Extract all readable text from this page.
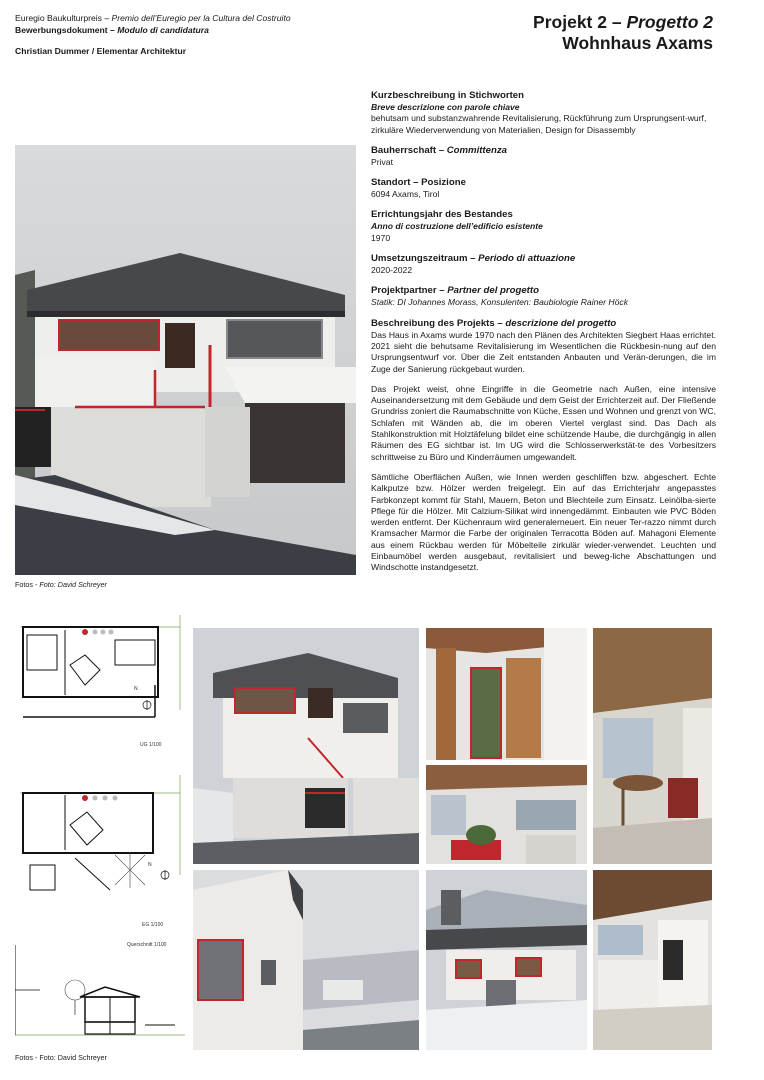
Euregio Baukulturpreis – Premio dell’Euregio per la Cultura del Costruito
Bewerbungsdokument – Modulo di candidatura
Christian Dummer / Elementar Architektur
Projekt 2 – Progetto 2
Wohnhaus Axams
Kurzbeschreibung in Stichworten
Breve descrizione con parole chiave
behutsam und substanzwahrende Revitalisierung, Rückführung zum Ursprungsent-wurf, zirkuläre Wiederverwendung von Materialien, Design for Disassembly
Bauherrschaft – Committenza
Privat
Standort – Posizione
6094 Axams, Tirol
Errichtungsjahr des Bestandes
Anno di costruzione dell’edificio esistente
1970
Umsetzungszeitraum – Periodo di attuazione
2020-2022
Projektpartner – Partner del progetto
Statik: DI Johannes Morass, Konsulenten: Baubiologie Rainer Höck
Beschreibung des Projekts – descrizione del progetto

Das Haus in Axams wurde 1970 nach den Plänen des Architekten Siegbert Haas errichtet. 2021 sieht die behutsame Revitalisierung im Wesentlichen die Rückbesin-nung auf den Ursprungsentwurf vor. Über die Zeit entstanden Anbauten und Verän-derungen, die im Zuge der Sanierung rückgebaut wurden.

Das Projekt weist, ohne Eingriffe in die Geometrie nach Außen, eine intensive Auseinandersetzung mit dem Gebäude und dem Geist der Errichterzeit auf. Der Fließende Grundriss zoniert die Raumabschnitte von Küche, Essen und Wohnen und grenzt von WC, Schlafen mit Wänden ab, die im oberen Viertel verglast sind. Das Dach als Stahlkonstruktion mit Holztäfelung bildet eine schützende Haube, die durchgängig in allen Räumen des EG sichtbar ist. Im UG wird die Schlosserwerkstät-te des Vorbesitzers schrittweise zu Büro und Kinderräumen umgewandelt.

Sämtliche Oberflächen Außen, wie Innen werden geschliffen bzw. abgeschert. Echte Kalkputze bzw. Hölzer werden freigelegt. Ein auf das Errichterjahr angepasstes Farbkonzept kommt für Stahl, Mauern, Beton und Blechteile zum Einsatz. Leinölba-sierte Pflege für die Hölzer. Mit Calzium-Silikat wird innengedämmt. Einbauten wie PVC Böden werden entfernt. Der Küchenraum wird generalerneuert. Ein neuer Ter-razzo nimmt durch Kramsacher Marmor die Farbe der originalen Terracotta Böden auf. Mahagoni Elemente aus einem Rückbau werden für Möbelteile zirkulär wieder-verwendet. Leuchten und Einbaumöbel werden ausgebaut, revitalisiert und beweg-liche Abschattungen und Windschotte instandgesetzt.

Fotos - Foto: David Schreyer
N
UG 1/100
N
EG 1/100
Querschnitt 1/100
Fotos - Foto: David Schreyer
